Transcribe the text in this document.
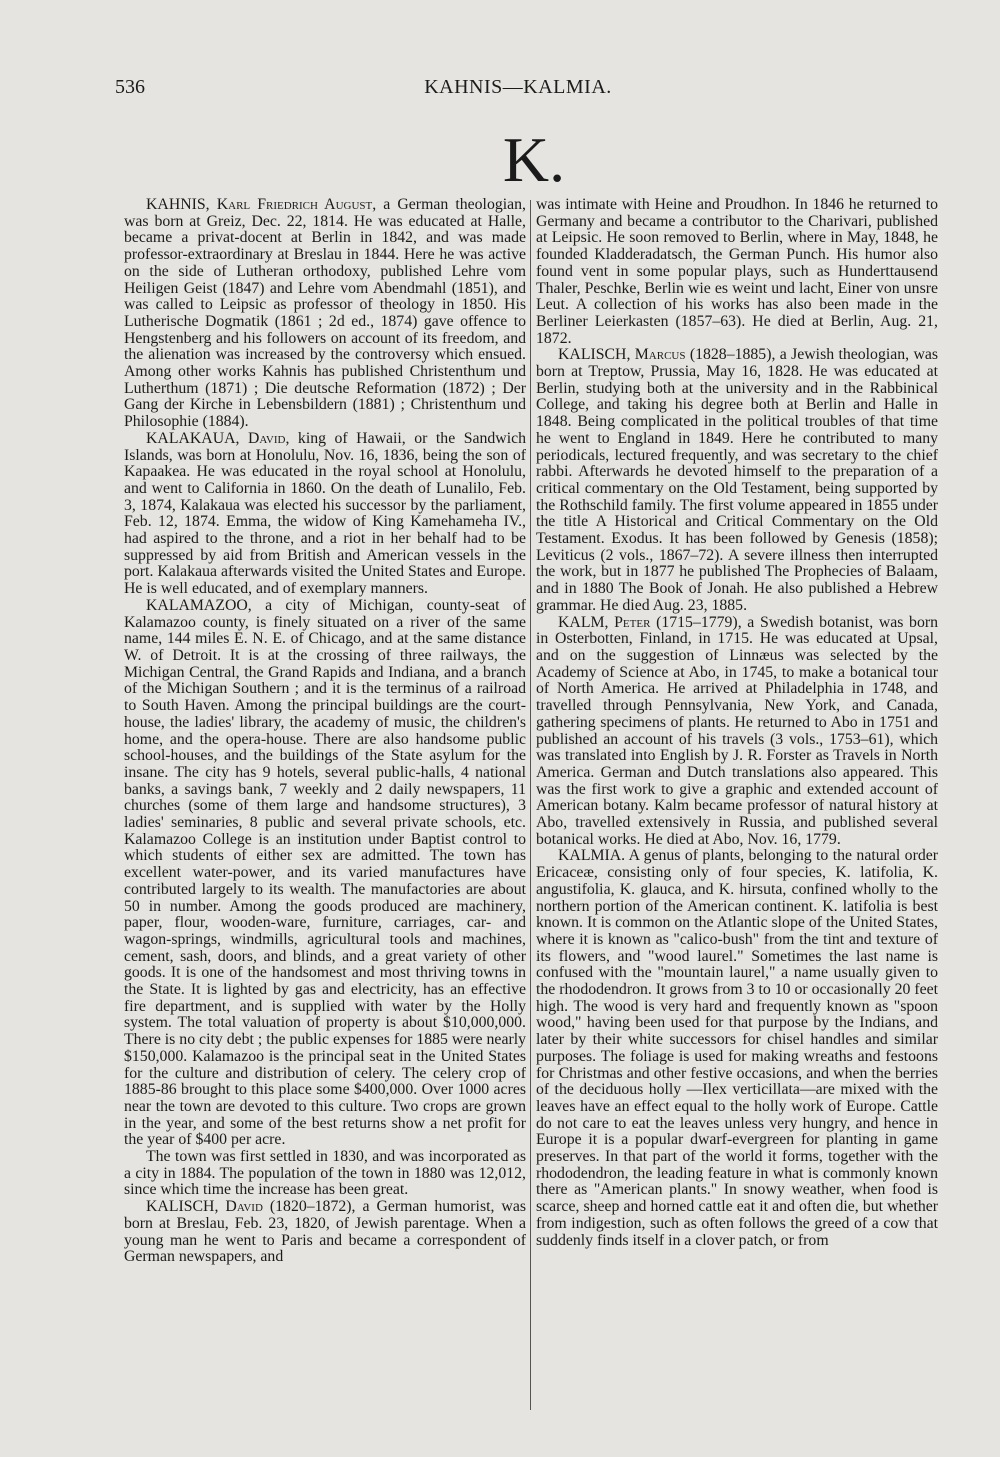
536	KAHNIS—KALMIA.
K.

KAHNIS, Karl Friedrich August, a German theologian, was born at Greiz, Dec. 22, 1814. He was educated at Halle, became a privat-docent at Berlin in 1842, and was made professor-extraordinary at Breslau in 1844. Here he was active on the side of Lutheran orthodoxy, published Lehre vom Heiligen Geist (1847) and Lehre vom Abendmahl (1851), and was called to Leipsic as professor of theology in 1850. His Lutherische Dogmatik (1861 ; 2d ed., 1874) gave offence to Hengstenberg and his followers on account of its freedom, and the alienation was increased by the controversy which ensued. Among other works Kahnis has published Christenthum und Lutherthum (1871) ; Die deutsche Reformation (1872) ; Der Gang der Kirche in Lebensbildern (1881) ; Christenthum und Philosophie (1884).

KALAKAUA, David, king of Hawaii, or the Sandwich Islands, was born at Honolulu, Nov. 16, 1836, being the son of Kapaakea. He was educated in the royal school at Honolulu, and went to California in 1860. On the death of Lunalilo, Feb. 3, 1874, Kalakaua was elected his successor by the parliament, Feb. 12, 1874. Emma, the widow of King Kamehameha IV., had aspired to the throne, and a riot in her behalf had to be suppressed by aid from British and American vessels in the port. Kalakaua afterwards visited the United States and Europe. He is well educated, and of exemplary manners.

KALAMAZOO, a city of Michigan, county-seat of Kalamazoo county, is finely situated on a river of the same name, 144 miles E. N. E. of Chicago, and at the same distance W. of Detroit. It is at the crossing of three railways, the Michigan Central, the Grand Rapids and Indiana, and a branch of the Michigan Southern ; and it is the terminus of a railroad to South Haven. Among the principal buildings are the court-house, the ladies' library, the academy of music, the children's home, and the opera-house. There are also handsome public school-houses, and the buildings of the State asylum for the insane. The city has 9 hotels, several public-halls, 4 national banks, a savings bank, 7 weekly and 2 daily newspapers, 11 churches (some of them large and handsome structures), 3 ladies' seminaries, 8 public and several private schools, etc. Kalamazoo College is an institution under Baptist control to which students of either sex are admitted. The town has excellent water-power, and its varied manufactures have contributed largely to its wealth. The manufactories are about 50 in number. Among the goods produced are machinery, paper, flour, wooden-ware, furniture, carriages, car- and wagon-springs, windmills, agricultural tools and machines, cement, sash, doors, and blinds, and a great variety of other goods. It is one of the handsomest and most thriving towns in the State. It is lighted by gas and electricity, has an effective fire department, and is supplied with water by the Holly system. The total valuation of property is about $10,000,000. There is no city debt ; the public expenses for 1885 were nearly $150,000. Kalamazoo is the principal seat in the United States for the culture and distribution of celery. The celery crop of 1885-86 brought to this place some $400,000. Over 1000 acres near the town are devoted to this culture. Two crops are grown in the year, and some of the best returns show a net profit for the year of $400 per acre.

The town was first settled in 1830, and was incorporated as a city in 1884. The population of the town in 1880 was 12,012, since which time the increase has been great.

KALISCH, David (1820–1872), a German humorist, was born at Breslau, Feb. 23, 1820, of Jewish parentage. When a young man he went to Paris and became a correspondent of German newspapers, and

was intimate with Heine and Proudhon. In 1846 he returned to Germany and became a contributor to the Charivari, published at Leipsic. He soon removed to Berlin, where in May, 1848, he founded Kladderadatsch, the German Punch. His humor also found vent in some popular plays, such as Hunderttausend Thaler, Peschke, Berlin wie es weint und lacht, Einer von unsre Leut. A collection of his works has also been made in the Berliner Leierkasten (1857–63). He died at Berlin, Aug. 21, 1872.

KALISCH, Marcus (1828–1885), a Jewish theologian, was born at Treptow, Prussia, May 16, 1828. He was educated at Berlin, studying both at the university and in the Rabbinical College, and taking his degree both at Berlin and Halle in 1848. Being complicated in the political troubles of that time he went to England in 1849. Here he contributed to many periodicals, lectured frequently, and was secretary to the chief rabbi. Afterwards he devoted himself to the preparation of a critical commentary on the Old Testament, being supported by the Rothschild family. The first volume appeared in 1855 under the title A Historical and Critical Commentary on the Old Testament. Exodus. It has been followed by Genesis (1858); Leviticus (2 vols., 1867–72). A severe illness then interrupted the work, but in 1877 he published The Prophecies of Balaam, and in 1880 The Book of Jonah. He also published a Hebrew grammar. He died Aug. 23, 1885.

KALM, Peter (1715–1779), a Swedish botanist, was born in Osterbotten, Finland, in 1715. He was educated at Upsal, and on the suggestion of Linnæus was selected by the Academy of Science at Abo, in 1745, to make a botanical tour of North America. He arrived at Philadelphia in 1748, and travelled through Pennsylvania, New York, and Canada, gathering specimens of plants. He returned to Abo in 1751 and published an account of his travels (3 vols., 1753–61), which was translated into English by J. R. Forster as Travels in North America. German and Dutch translations also appeared. This was the first work to give a graphic and extended account of American botany. Kalm became professor of natural history at Abo, travelled extensively in Russia, and published several botanical works. He died at Abo, Nov. 16, 1779.

KALMIA. A genus of plants, belonging to the natural order Ericaceæ, consisting only of four species, K. latifolia, K. angustifolia, K. glauca, and K. hirsuta, confined wholly to the northern portion of the American continent. K. latifolia is best known. It is common on the Atlantic slope of the United States, where it is known as "calico-bush" from the tint and texture of its flowers, and "wood laurel." Sometimes the last name is confused with the "mountain laurel," a name usually given to the rhododendron. It grows from 3 to 10 or occasionally 20 feet high. The wood is very hard and frequently known as "spoon wood," having been used for that purpose by the Indians, and later by their white successors for chisel handles and similar purposes. The foliage is used for making wreaths and festoons for Christmas and other festive occasions, and when the berries of the deciduous holly —Ilex verticillata—are mixed with the leaves have an effect equal to the holly work of Europe. Cattle do not care to eat the leaves unless very hungry, and hence in Europe it is a popular dwarf-evergreen for planting in game preserves. In that part of the world it forms, together with the rhododendron, the leading feature in what is commonly known there as "American plants." In snowy weather, when food is scarce, sheep and horned cattle eat it and often die, but whether from indigestion, such as often follows the greed of a cow that suddenly finds itself in a clover patch, or from
